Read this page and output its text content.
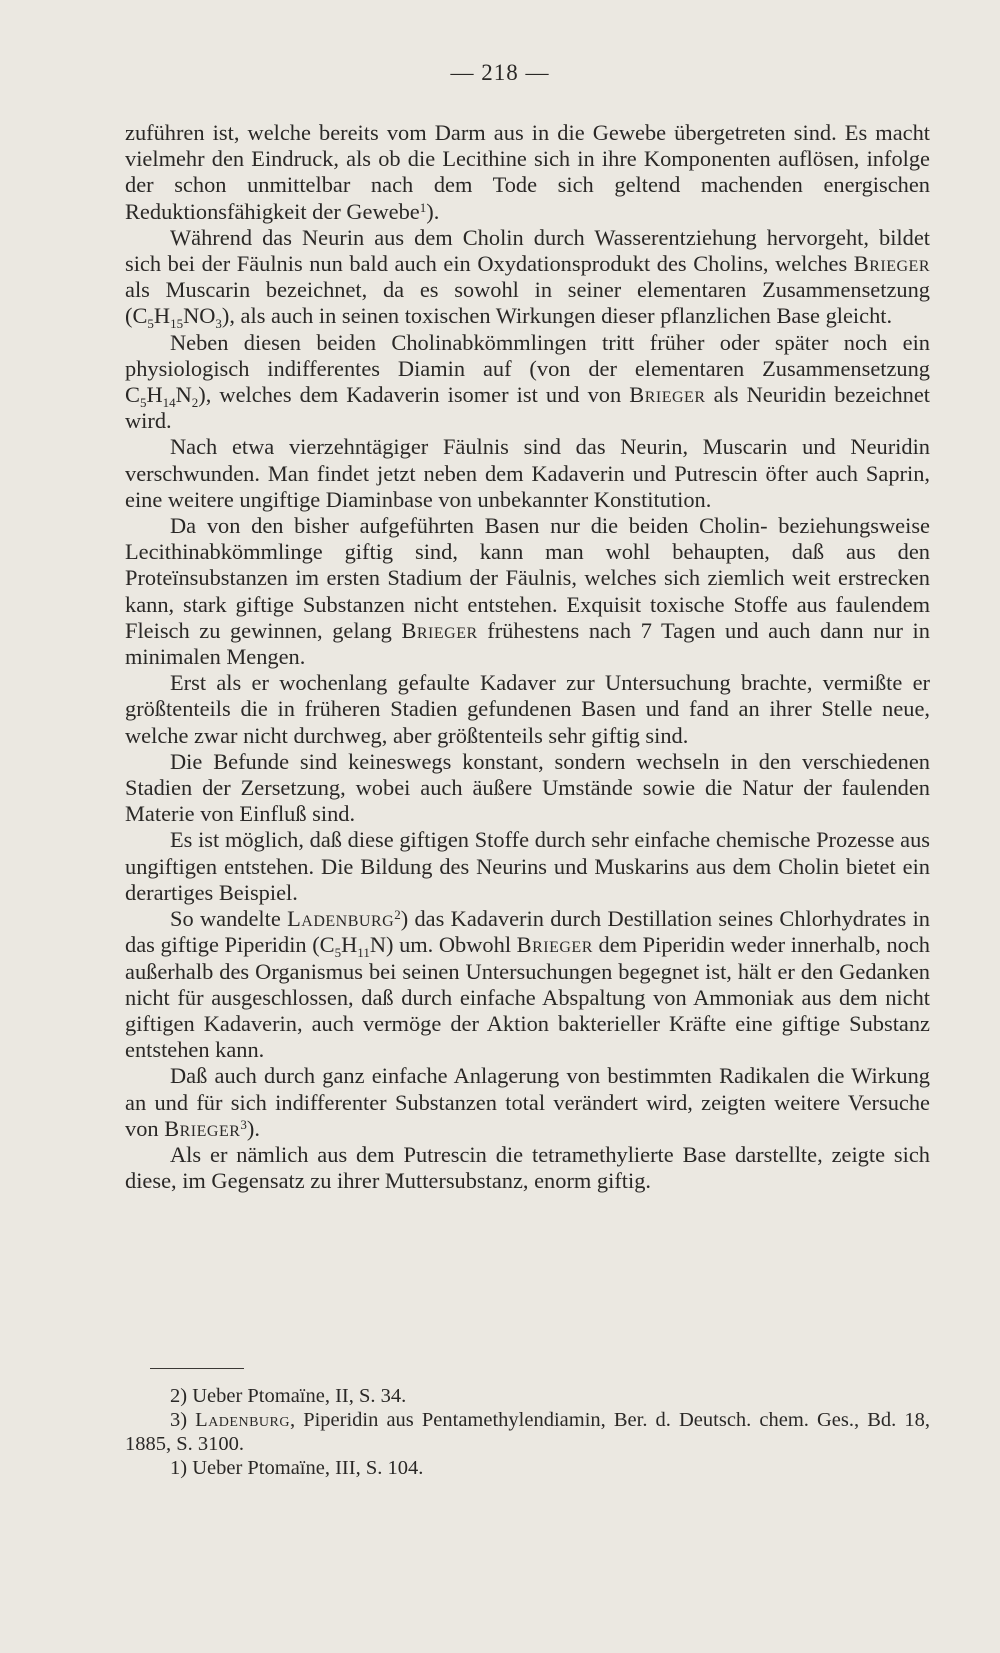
— 218 —

zuführen ist, welche bereits vom Darm aus in die Gewebe übergetreten sind. Es macht vielmehr den Eindruck, als ob die Lecithine sich in ihre Komponenten auflösen, infolge der schon unmittelbar nach dem Tode sich geltend machenden energischen Reduktionsfähigkeit der Gewebe$^1$).

Während das Neurin aus dem Cholin durch Wasserentziehung hervorgeht, bildet sich bei der Fäulnis nun bald auch ein Oxydationsprodukt des Cholins, welches Brieger als Muscarin bezeichnet, da es sowohl in seiner elementaren Zusammensetzung $(C_5H_{15}NO_3)$, als auch in seinen toxischen Wirkungen dieser pflanzlichen Base gleicht.

Neben diesen beiden Cholinabkömmlingen tritt früher oder später noch ein physiologisch indifferentes Diamin auf (von der elementaren Zusammensetzung $C_5H_{14}N_2$), welches dem Kadaverin isomer ist und von Brieger als Neuridin bezeichnet wird.

Nach etwa vierzehntägiger Fäulnis sind das Neurin, Muscarin und Neuridin verschwunden. Man findet jetzt neben dem Kadaverin und Putrescin öfter auch Saprin, eine weitere ungiftige Diaminbase von unbekannter Konstitution.

Da von den bisher aufgeführten Basen nur die beiden Cholin- beziehungsweise Lecithinabkömmlinge giftig sind, kann man wohl behaupten, daß aus den Proteïnsubstanzen im ersten Stadium der Fäulnis, welches sich ziemlich weit erstrecken kann, stark giftige Substanzen nicht entstehen. Exquisit toxische Stoffe aus faulendem Fleisch zu gewinnen, gelang Brieger frühestens nach 7 Tagen und auch dann nur in minimalen Mengen.

Erst als er wochenlang gefaulte Kadaver zur Untersuchung brachte, vermißte er größtenteils die in früheren Stadien gefundenen Basen und fand an ihrer Stelle neue, welche zwar nicht durchweg, aber größtenteils sehr giftig sind.

Die Befunde sind keineswegs konstant, sondern wechseln in den verschiedenen Stadien der Zersetzung, wobei auch äußere Umstände sowie die Natur der faulenden Materie von Einfluß sind.

Es ist möglich, daß diese giftigen Stoffe durch sehr einfache chemische Prozesse aus ungiftigen entstehen. Die Bildung des Neurins und Muskarins aus dem Cholin bietet ein derartiges Beispiel.

So wandelte Ladenburg$^2$) das Kadaverin durch Destillation seines Chlorhydrates in das giftige Piperidin $(C_5H_{11}N)$ um. Obwohl Brieger dem Piperidin weder innerhalb, noch außerhalb des Organismus bei seinen Untersuchungen begegnet ist, hält er den Gedanken nicht für ausgeschlossen, daß durch einfache Abspaltung von Ammoniak aus dem nicht giftigen Kadaverin, auch vermöge der Aktion bakterieller Kräfte eine giftige Substanz entstehen kann.

Daß auch durch ganz einfache Anlagerung von bestimmten Radikalen die Wirkung an und für sich indifferenter Substanzen total verändert wird, zeigten weitere Versuche von Brieger$^3$).

Als er nämlich aus dem Putrescin die tetramethylierte Base darstellte, zeigte sich diese, im Gegensatz zu ihrer Muttersubstanz, enorm giftig.

2) Ueber Ptomaïne, II, S. 34.

3) Ladenburg, Piperidin aus Pentamethylendiamin, Ber. d. Deutsch. chem. Ges., Bd. 18, 1885, S. 3100.

1) Ueber Ptomaïne, III, S. 104.
